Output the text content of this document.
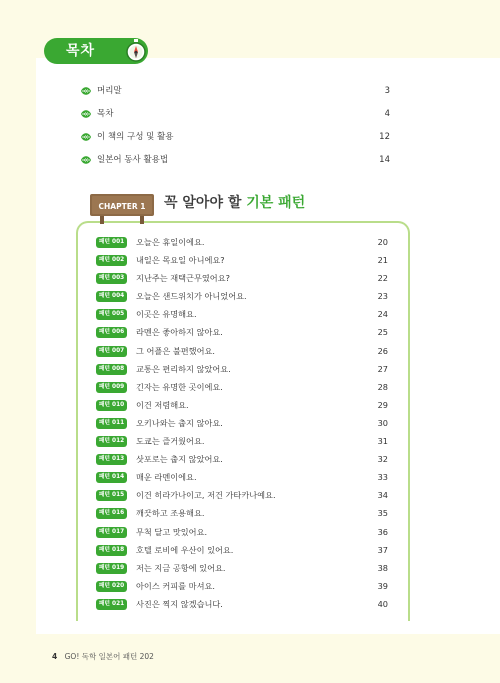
목차
머리말	3
목차	4
이 책의 구성 및 활용	12
일본어 동사 활용법	14
CHAPTER 1	꼭 알아야 할 기본 패턴
패턴 001	오늘은 휴일이에요.	20
패턴 002	내일은 목요일 아니에요?	21
패턴 003	지난주는 재택근무였어요?	22
패턴 004	오늘은 샌드위치가 아니었어요.	23
패턴 005	이곳은 유명해요.	24
패턴 006	라멘은 좋아하지 않아요.	25
패턴 007	그 어플은 불편했어요.	26
패턴 008	교통은 편리하지 않았어요.	27
패턴 009	긴자는 유명한 곳이에요.	28
패턴 010	이건 저렴해요.	29
패턴 011	오키나와는 춥지 않아요.	30
패턴 012	도쿄는 즐거웠어요.	31
패턴 013	삿포로는 춥지 않았어요.	32
패턴 014	매운 라멘이에요.	33
패턴 015	이건 히라가나이고, 저건 가타카나예요.	34
패턴 016	깨끗하고 조용해요.	35
패턴 017	무척 달고 맛있어요.	36
패턴 018	호텔 로비에 우산이 있어요.	37
패턴 019	저는 지금 공항에 있어요.	38
패턴 020	아이스 커피를 마셔요.	39
패턴 021	사진은 찍지 않겠습니다.	40
4 GO! 독학 일본어 패턴 202
